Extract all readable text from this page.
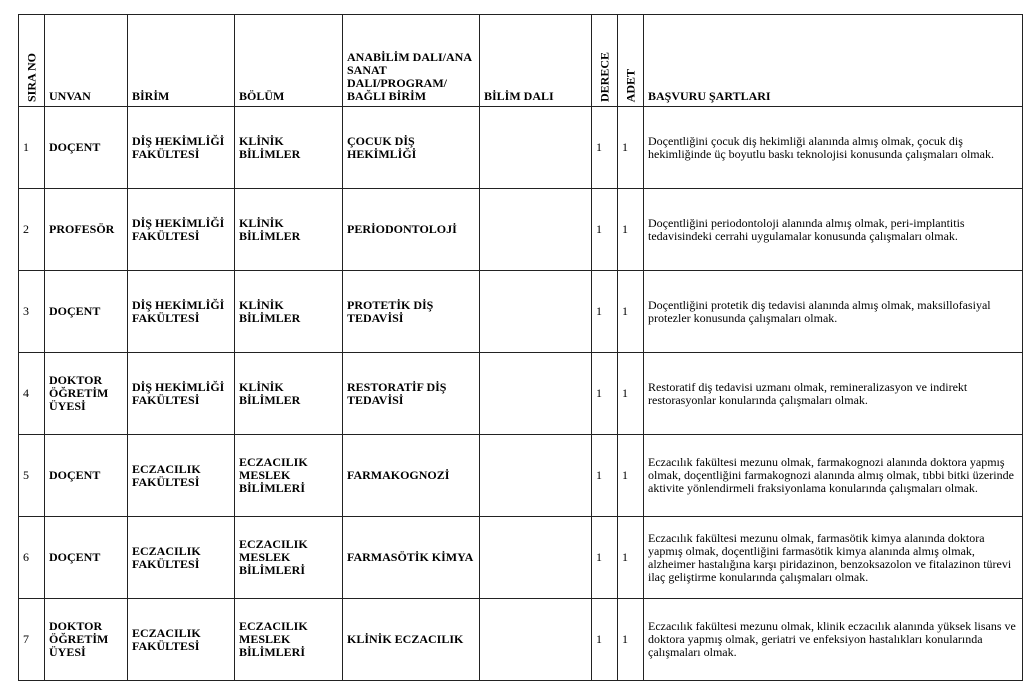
SIRA NO	UNVAN	BİRİM	BÖLÜM	ANABİLİM DALI/ANA SANAT DALI/PROGRAM/ BAĞLI BİRİM	BİLİM DALI	DERECE	ADET	BAŞVURU ŞARTLARI
1	DOÇENT	DİŞ HEKİMLİĞİ FAKÜLTESİ	KLİNİK BİLİMLER	ÇOCUK DİŞ HEKİMLİĞİ		1	1	Doçentliğini çocuk diş hekimliği alanında almış olmak, çocuk diş hekimliğinde üç boyutlu baskı teknolojisi konusunda çalışmaları olmak.
2	PROFESÖR	DİŞ HEKİMLİĞİ FAKÜLTESİ	KLİNİK BİLİMLER	PERİODONTOLOJİ		1	1	Doçentliğini periodontoloji alanında almış olmak, peri-implantitis tedavisindeki cerrahi uygulamalar konusunda çalışmaları olmak.
3	DOÇENT	DİŞ HEKİMLİĞİ FAKÜLTESİ	KLİNİK BİLİMLER	PROTETİK DİŞ TEDAVİSİ		1	1	Doçentliğini protetik diş tedavisi alanında almış olmak, maksillofasiyal protezler konusunda çalışmaları olmak.
4	DOKTOR ÖĞRETİM ÜYESİ	DİŞ HEKİMLİĞİ FAKÜLTESİ	KLİNİK BİLİMLER	RESTORATİF DİŞ TEDAVİSİ		1	1	Restoratif diş tedavisi uzmanı olmak, remineralizasyon ve indirekt restorasyonlar konularında çalışmaları olmak.
5	DOÇENT	ECZACILIK FAKÜLTESİ	ECZACILIK MESLEK BİLİMLERİ	FARMAKOGNOZİ		1	1	Eczacılık fakültesi mezunu olmak, farmakognozi alanında doktora yapmış olmak, doçentliğini farmakognozi alanında almış olmak, tıbbi bitki üzerinde aktivite yönlendirmeli fraksiyonlama konularında çalışmaları olmak.
6	DOÇENT	ECZACILIK FAKÜLTESİ	ECZACILIK MESLEK BİLİMLERİ	FARMASÖTİK KİMYA		1	1	Eczacılık fakültesi mezunu olmak, farmasötik kimya alanında doktora yapmış olmak, doçentliğini farmasötik kimya alanında almış olmak, alzheimer hastalığına karşı piridazinon, benzoksazolon ve fitalazinon türevi ilaç geliştirme konularında çalışmaları olmak.
7	DOKTOR ÖĞRETİM ÜYESİ	ECZACILIK FAKÜLTESİ	ECZACILIK MESLEK BİLİMLERİ	KLİNİK ECZACILIK		1	1	Eczacılık fakültesi mezunu olmak, klinik eczacılık alanında yüksek lisans ve doktora yapmış olmak, geriatri ve enfeksiyon hastalıkları konularında çalışmaları olmak.
